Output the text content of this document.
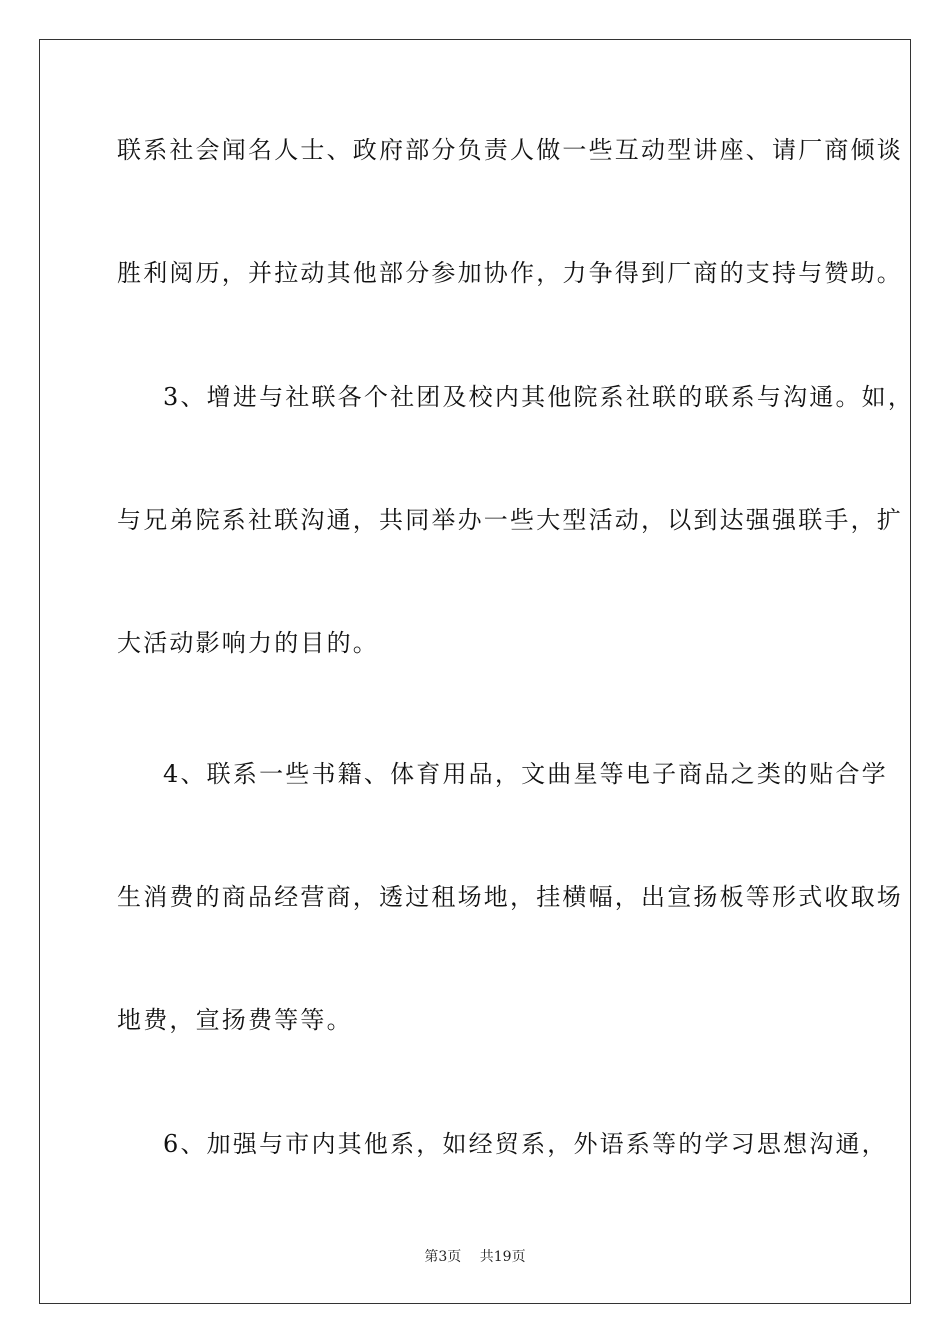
联系社会闻名人士、政府部分负责人做一些互动型讲座、请厂商倾谈
胜利阅历，并拉动其他部分参加协作，力争得到厂商的支持与赞助。
3、增进与社联各个社团及校内其他院系社联的联系与沟通。如，
与兄弟院系社联沟通，共同举办一些大型活动，以到达强强联手，扩
大活动影响力的目的。
4、联系一些书籍、体育用品，文曲星等电子商品之类的贴合学
生消费的商品经营商，透过租场地，挂横幅，出宣扬板等形式收取场
地费，宣扬费等等。
6、加强与市内其他系，如经贸系，外语系等的学习思想沟通，
第3页 共19页
